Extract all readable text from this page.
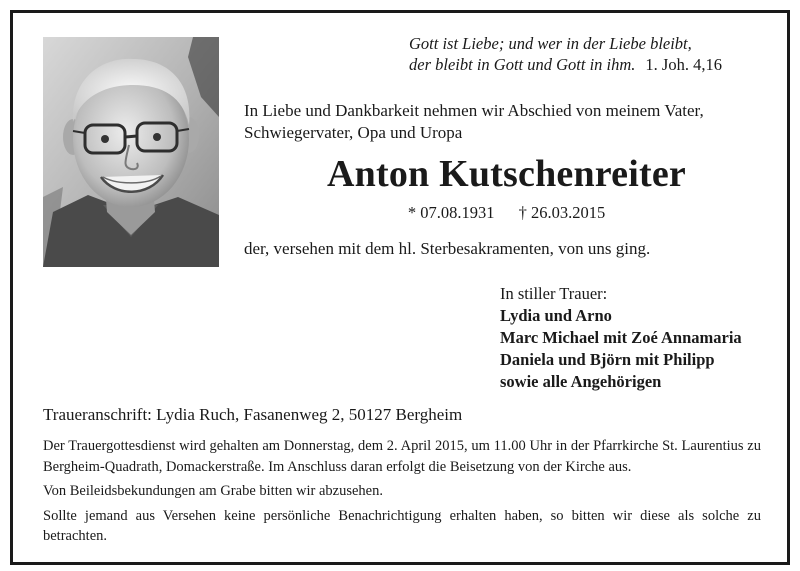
Gott ist Liebe; und wer in der Liebe bleibt,
der bleibt in Gott und Gott in ihm. 1. Joh. 4,16
In Liebe und Dankbarkeit nehmen wir Abschied von meinem Vater,
Schwiegervater, Opa und Uropa
Anton Kutschenreiter
* 07.08.1931 † 26.03.2015
der, versehen mit dem hl. Sterbesakramenten, von uns ging.
In stiller Trauer:
Lydia und Arno
Marc Michael mit Zoé Annamaria
Daniela und Björn mit Philipp
sowie alle Angehörigen
Traueranschrift: Lydia Ruch, Fasanenweg 2, 50127 Bergheim

Der Trauergottesdienst wird gehalten am Donnerstag, dem 2. April 2015, um 11.00 Uhr in der Pfarrkirche St. Laurentius zu Bergheim-Quadrath, Domackerstraße. Im Anschluss daran erfolgt die Beisetzung von der Kirche aus.

Von Beileidsbekundungen am Grabe bitten wir abzusehen.

Sollte jemand aus Versehen keine persönliche Benachrichtigung erhalten haben, so bitten wir diese als solche zu betrachten.
